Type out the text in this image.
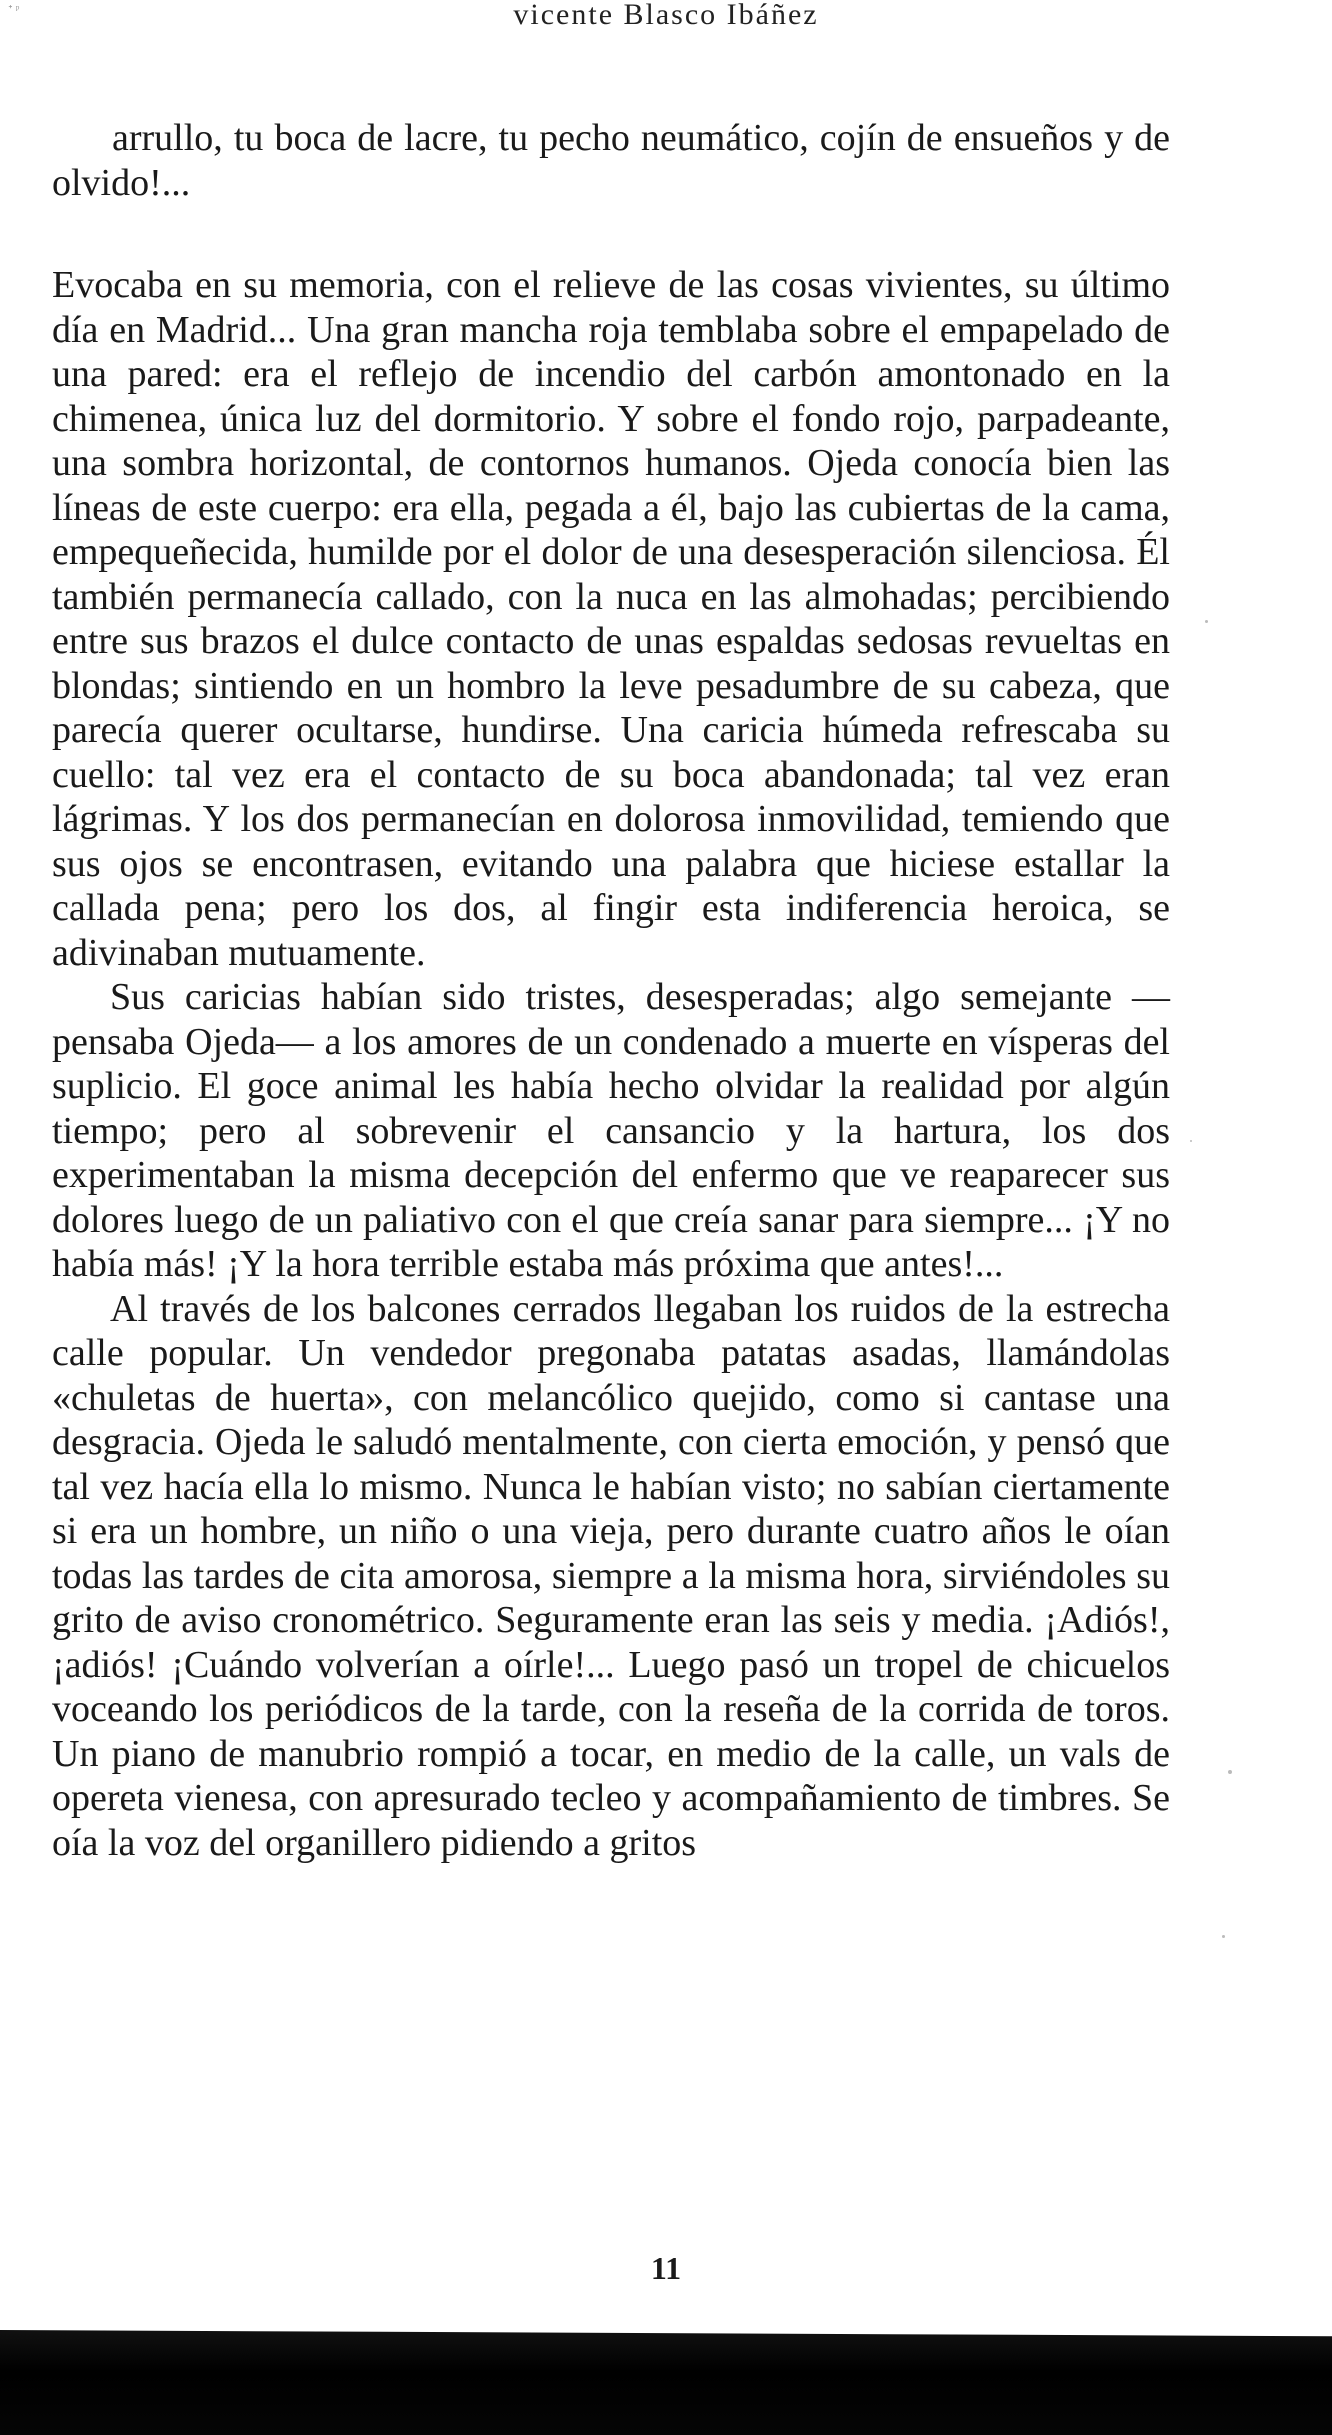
ᐩ ᵖ	vicente Blasco Ibáñez

arrullo, tu boca de lacre, tu pecho neumático, cojín de ensueños y de olvido!...

Evocaba en su memoria, con el relieve de las cosas vivientes, su último día en Madrid... Una gran mancha roja temblaba sobre el empapelado de una pared: era el reflejo de incendio del carbón amontonado en la chimenea, única luz del dormitorio. Y sobre el fondo rojo, parpadeante, una sombra horizontal, de contornos humanos. Ojeda conocía bien las líneas de este cuerpo: era ella, pegada a él, bajo las cubiertas de la cama, empequeñecida, humilde por el dolor de una desesperación silenciosa. Él también permanecía callado, con la nuca en las almohadas; percibiendo entre sus brazos el dulce contacto de unas espaldas sedosas revueltas en blondas; sintiendo en un hombro la leve pesadumbre de su cabeza, que parecía querer ocultarse, hundirse. Una caricia húmeda refrescaba su cuello: tal vez era el contacto de su boca abandonada; tal vez eran lágrimas. Y los dos permanecían en dolorosa inmovilidad, temiendo que sus ojos se encontrasen, evitando una palabra que hiciese estallar la callada pena; pero los dos, al fingir esta indiferencia heroica, se adivinaban mutuamente.

Sus caricias habían sido tristes, desesperadas; algo semejante —pensaba Ojeda— a los amores de un condenado a muerte en vísperas del suplicio. El goce animal les había hecho olvidar la realidad por algún tiempo; pero al sobrevenir el cansancio y la hartura, los dos experimentaban la misma decepción del enfermo que ve reaparecer sus dolores luego de un paliativo con el que creía sanar para siempre... ¡Y no había más! ¡Y la hora terrible estaba más próxima que antes!...

Al través de los balcones cerrados llegaban los ruidos de la estrecha calle popular. Un vendedor pregonaba patatas asadas, llamándolas «chuletas de huerta», con melancólico quejido, como si cantase una desgracia. Ojeda le saludó mentalmente, con cierta emoción, y pensó que tal vez hacía ella lo mismo. Nunca le habían visto; no sabían ciertamente si era un hombre, un niño o una vieja, pero durante cuatro años le oían todas las tardes de cita amorosa, siempre a la misma hora, sirviéndoles su grito de aviso cronométrico. Seguramente eran las seis y media. ¡Adiós!, ¡adiós! ¡Cuándo volverían a oírle!... Luego pasó un tropel de chicuelos voceando los periódicos de la tarde, con la reseña de la corrida de toros. Un piano de manubrio rompió a tocar, en medio de la calle, un vals de opereta vienesa, con apresurado tecleo y acompañamiento de timbres. Se oía la voz del organillero pidiendo a gritos

11
